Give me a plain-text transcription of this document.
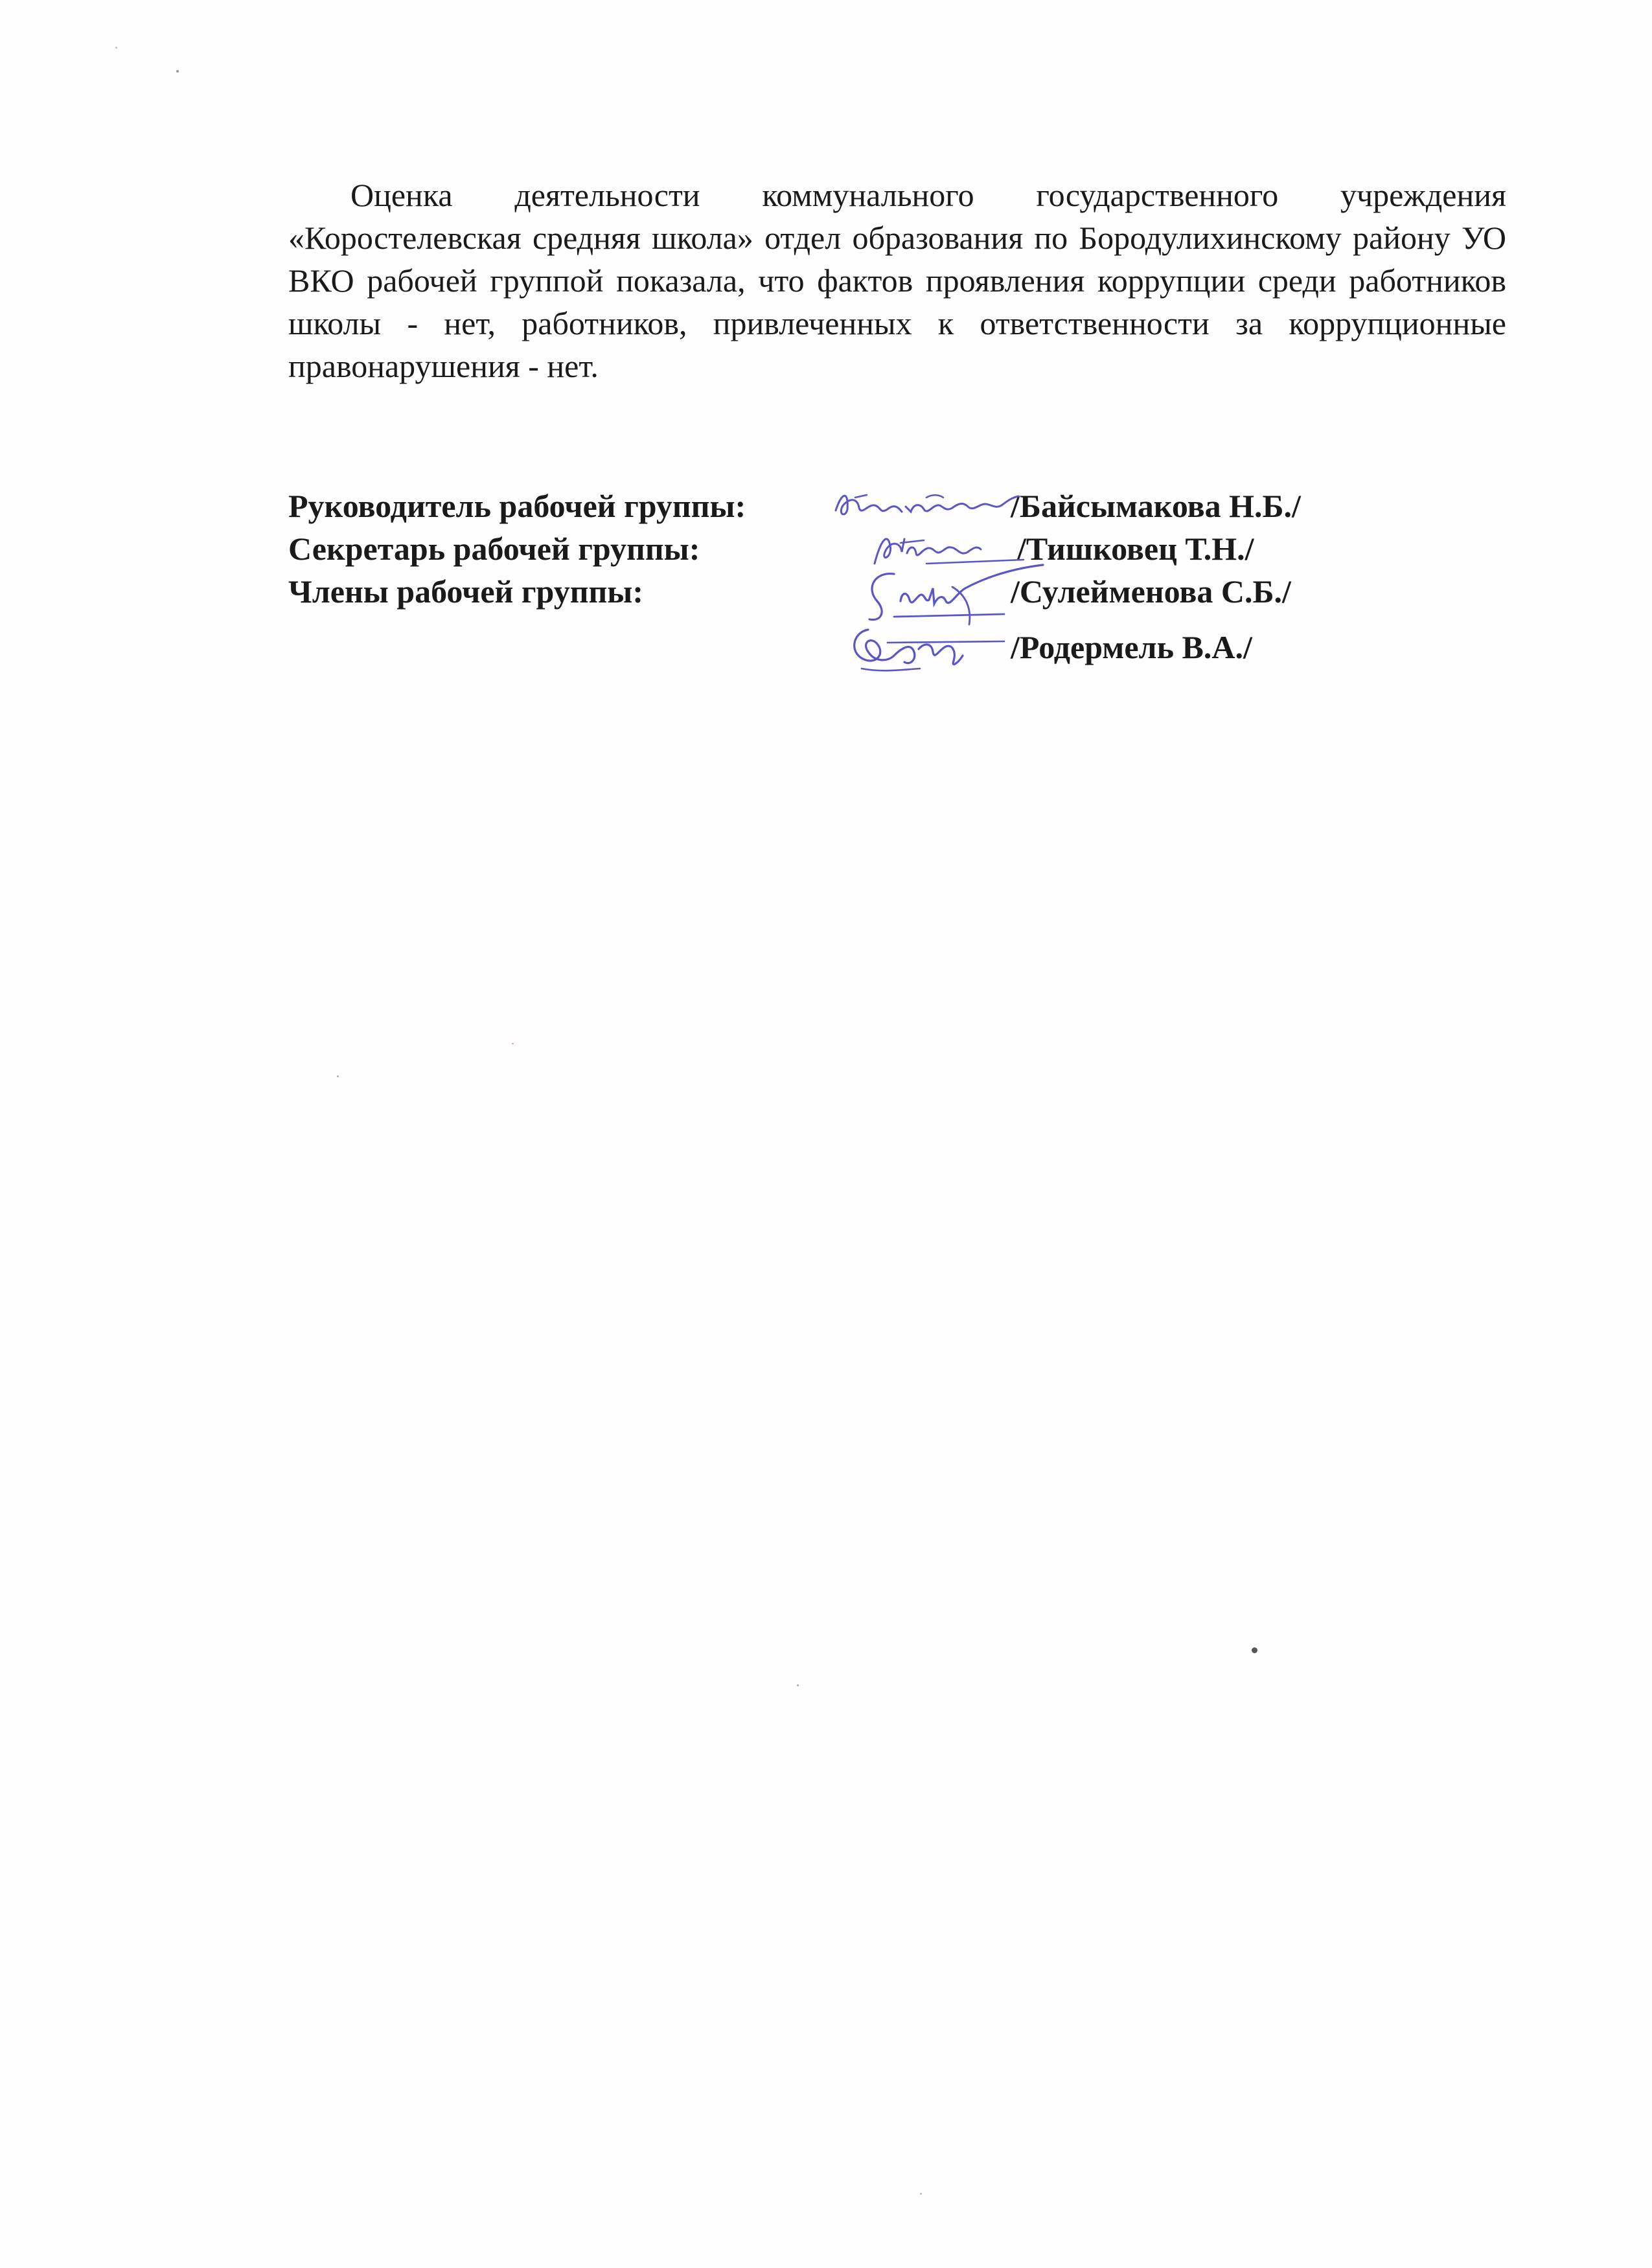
Оценка деятельности коммунального государственного учреждения «Коростелевская средняя школа» отдел образования по Бородулихинскому району УО ВКО рабочей группой показала, что фактов проявления коррупции среди работников школы - нет, работников, привлеченных к ответственности за коррупционные правонарушения - нет.

Руководитель рабочей группы:	/Байсымакова Н.Б./
Секретарь рабочей группы:	/Тишковец Т.Н./
Члены рабочей группы:	/Сулейменова С.Б./
/Родермель В.А./
